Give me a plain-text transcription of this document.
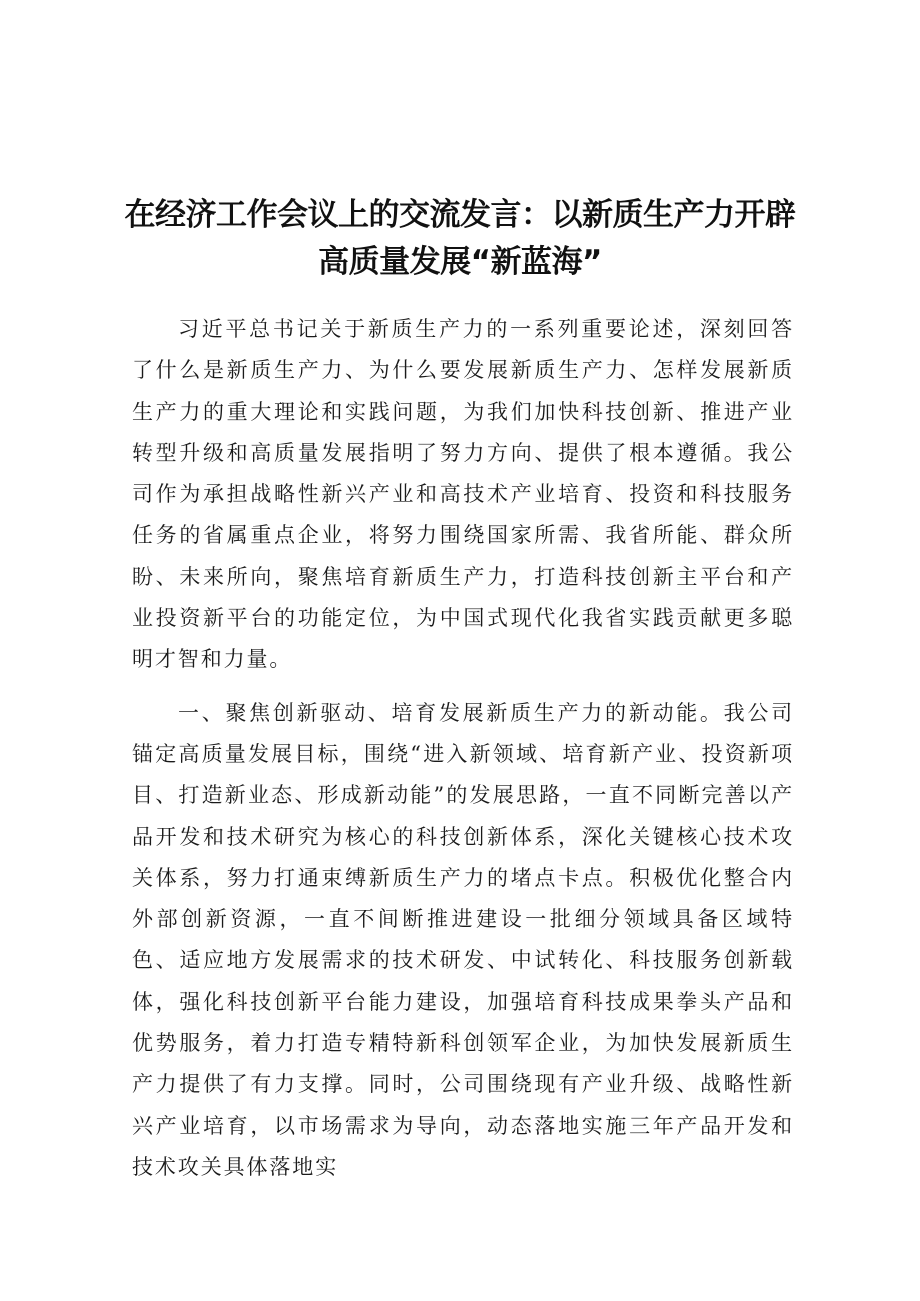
在经济工作会议上的交流发言：以新质生产力开辟
高质量发展“新蓝海”

习近平总书记关于新质生产力的一系列重要论述，深刻回答了什么是新质生产力、为什么要发展新质生产力、怎样发展新质生产力的重大理论和实践问题，为我们加快科技创新、推进产业转型升级和高质量发展指明了努力方向、提供了根本遵循。我公司作为承担战略性新兴产业和高技术产业培育、投资和科技服务任务的省属重点企业，将努力围绕国家所需、我省所能、群众所盼、未来所向，聚焦培育新质生产力，打造科技创新主平台和产业投资新平台的功能定位，为中国式现代化我省实践贡献更多聪明才智和力量。

一、聚焦创新驱动、培育发展新质生产力的新动能。我公司锚定高质量发展目标，围绕“进入新领域、培育新产业、投资新项目、打造新业态、形成新动能”的发展思路，一直不同断完善以产品开发和技术研究为核心的科技创新体系，深化关键核心技术攻关体系，努力打通束缚新质生产力的堵点卡点。积极优化整合内外部创新资源，一直不间断推进建设一批细分领域具备区域特色、适应地方发展需求的技术研发、中试转化、科技服务创新载体，强化科技创新平台能力建设，加强培育科技成果拳头产品和优势服务，着力打造专精特新科创领军企业，为加快发展新质生产力提供了有力支撑。同时，公司围绕现有产业升级、战略性新兴产业培育，以市场需求为导向，动态落地实施三年产品开发和技术攻关具体落地实
